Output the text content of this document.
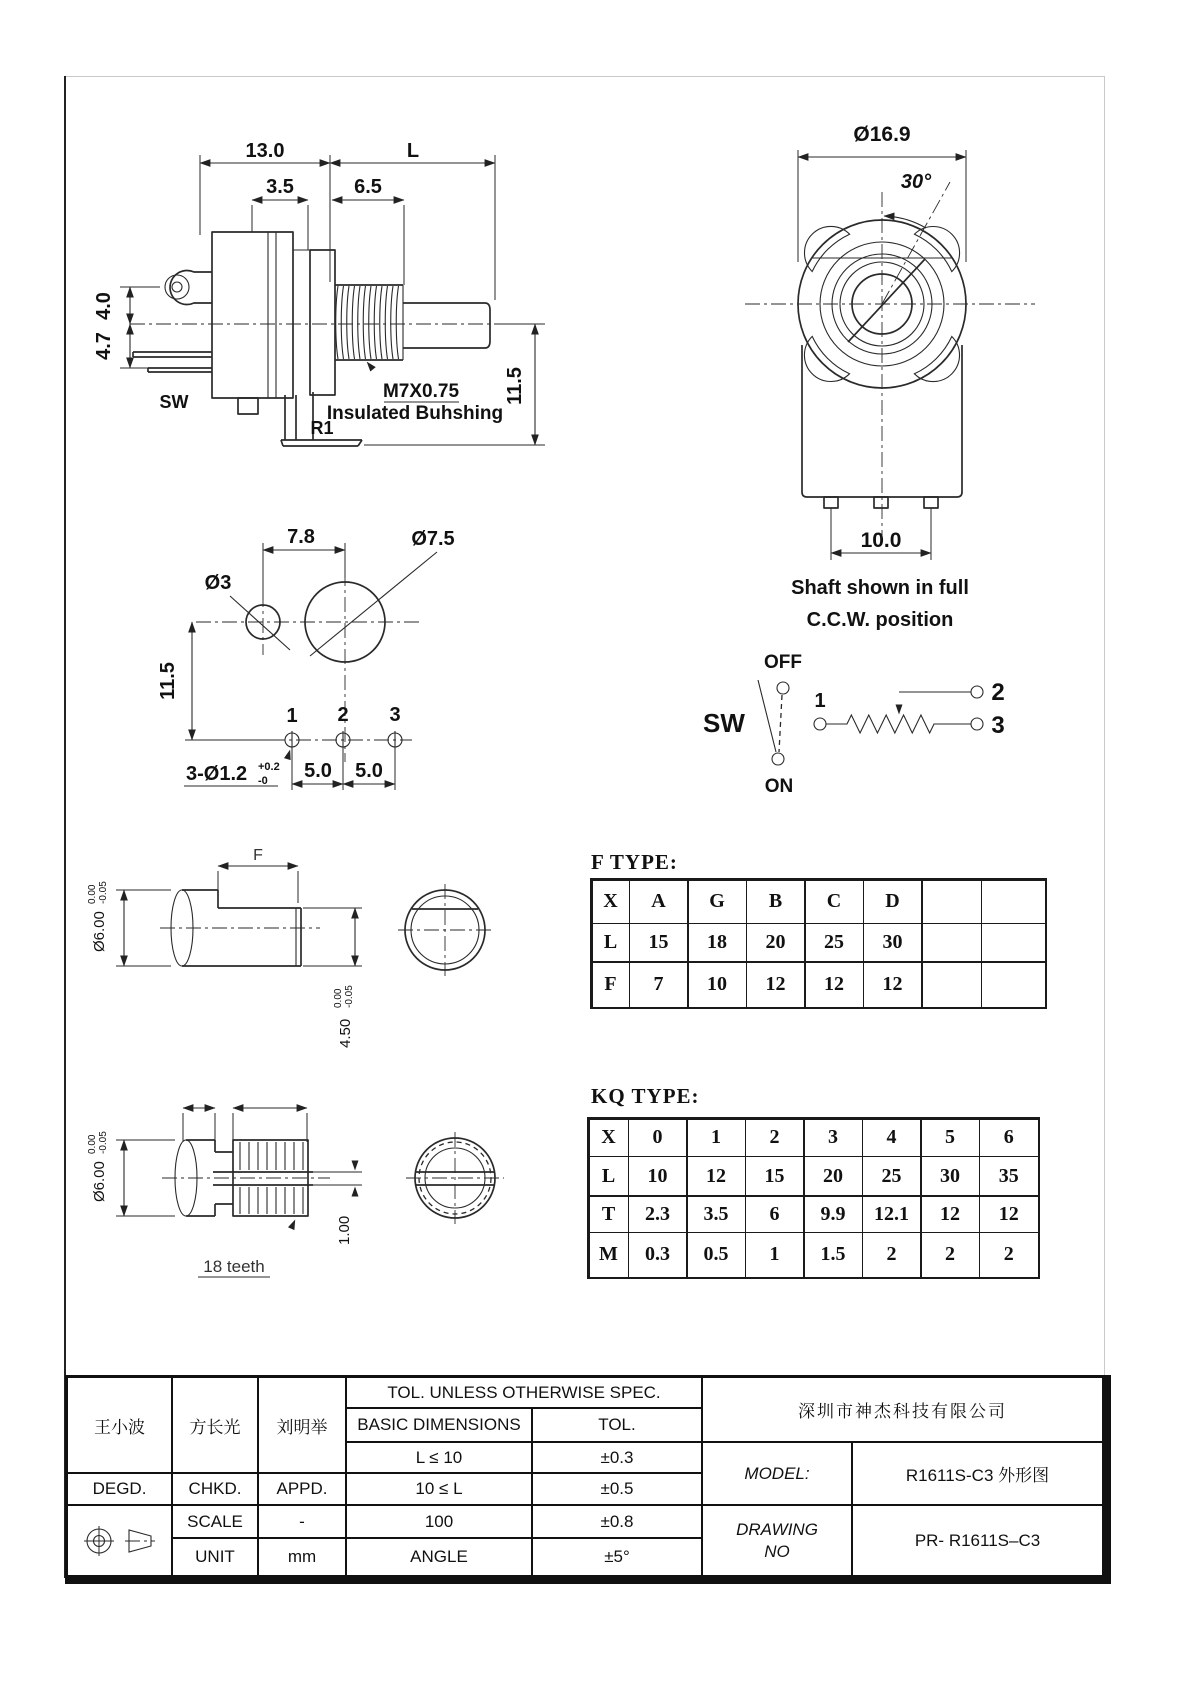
13.0	L
3.5	6.5
4.0
4.7
11.5
M7X0.75
Insulated Buhshing
SW
R1
Ø16.9
30°
10.0
Shaft shown in full
C.C.W. position
7.8	Ø7.5
Ø3
11.5
1 2 3
3-Ø1.2 +0.2
-0 5.0 5.0
OFF
ON
SW
1	2
3
F
Ø6.00
0.00 -0.05
4.50
0.00 -0.05
Ø6.00
0.00 -0.05
1.00
18 teeth
F TYPE:
X	A	G	B	C	D
L	15	18	20	25	30
F	7	10	12	12	12
KQ TYPE:
X	0	1	2	3	4	5	6
L	10	12	15	20	25	30	35
T	2.3	3.5	6	9.9	12.1	12	12
M	0.3	0.5	1	1.5	2	2	2
王小波	方长光	刘明举
TOL. UNLESS OTHERWISE SPEC.
深圳市神杰科技有限公司
BASIC DIMENSIONS	TOL.
L ≤ 10	±0.3
MODEL:	R1611S-C3 外形图
DEGD.	CHKD.	APPD.	10 ≤ L	±0.5
SCALE	-	100	±0.8	DRAWING NO
PR- R1611S–C3
UNIT	mm	ANGLE	±5°
